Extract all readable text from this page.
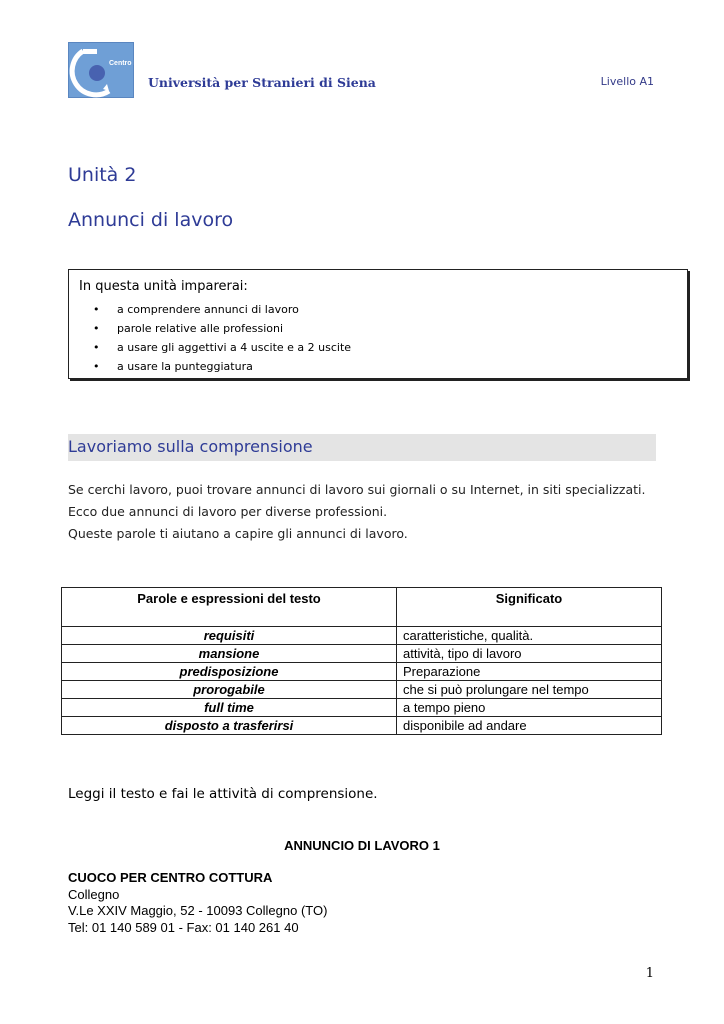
Centro FAST
Università per Stranieri di Siena	Livello A1
Unità 2
Annunci di lavoro
In questa unità imparerai:
• a comprendere annunci di lavoro
• parole relative alle professioni
• a usare gli aggettivi a 4 uscite e a 2 uscite
• a usare la punteggiatura
Lavoriamo sulla comprensione

Se cerchi lavoro, puoi trovare annunci di lavoro sui giornali o su Internet, in siti specializzati.

Ecco due annunci di lavoro per diverse professioni.

Queste parole ti aiutano a capire gli annunci di lavoro.

Parole e espressioni del testo	Significato
requisiti	caratteristiche, qualità.
mansione	attività, tipo di lavoro
predisposizione	Preparazione
prorogabile	che si può prolungare nel tempo
full time	a tempo pieno
disposto a trasferirsi	disponibile ad andare
Leggi il testo e fai le attività di comprensione.
ANNUNCIO DI LAVORO 1
CUOCO PER CENTRO COTTURA
Collegno
V.Le XXIV Maggio, 52 - 10093 Collegno (TO)
Tel: 01 140 589 01 - Fax: 01 140 261 40
1
